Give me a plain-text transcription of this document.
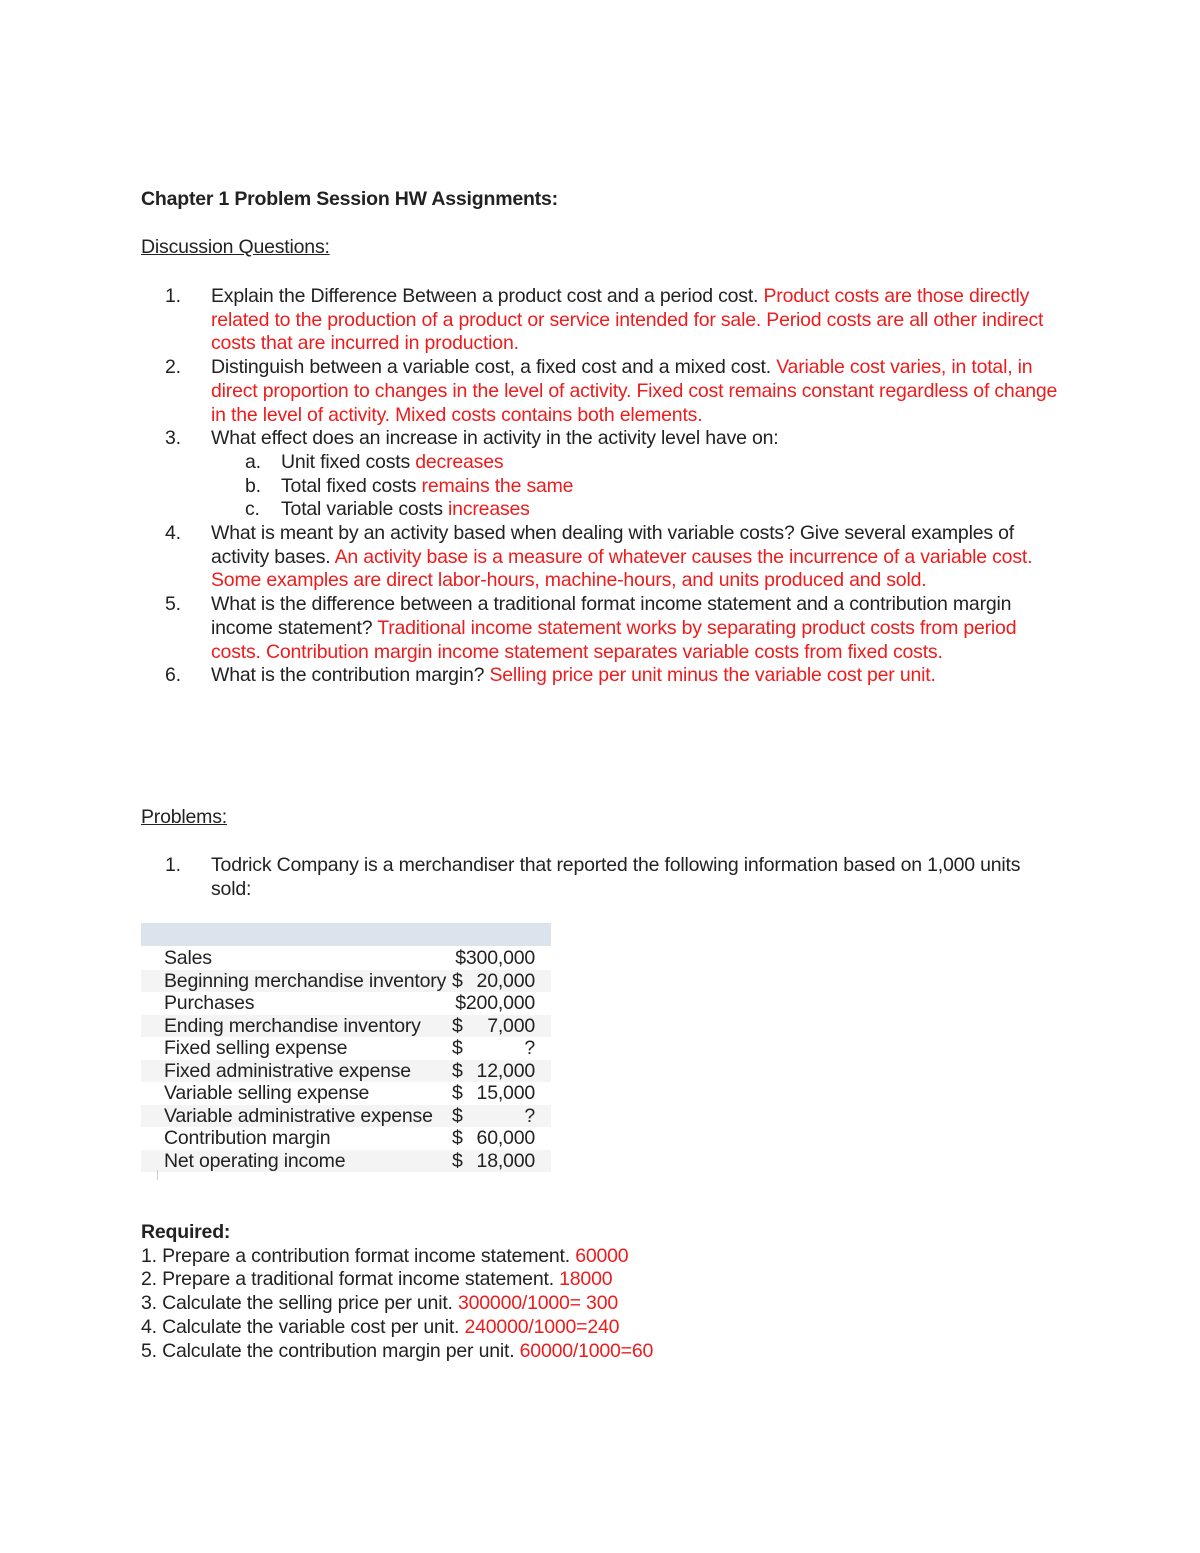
Chapter 1 Problem Session HW Assignments:
Discussion Questions:
1.	Explain the Difference Between a product cost and a period cost. Product costs are those directly related to the production of a product or service intended for sale. Period costs are all other indirect costs that are incurred in production.
2.	Distinguish between a variable cost, a fixed cost and a mixed cost. Variable cost varies, in total, in direct proportion to changes in the level of activity. Fixed cost remains constant regardless of change in the level of activity. Mixed costs contains both elements.
3.	What effect does an increase in activity in the activity level have on:
a.	Unit fixed costs decreases
b.	Total fixed costs remains the same
c.	Total variable costs increases
4.	What is meant by an activity based when dealing with variable costs? Give several examples of activity bases. An activity base is a measure of whatever causes the incurrence of a variable cost. Some examples are direct labor-hours, machine-hours, and units produced and sold.
5.	What is the difference between a traditional format income statement and a contribution margin income statement? Traditional income statement works by separating product costs from period costs. Contribution margin income statement separates variable costs from fixed costs.
6.	What is the contribution margin? Selling price per unit minus the variable cost per unit.
Problems:
1.	Todrick Company is a merchandiser that reported the following information based on 1,000 units sold:
Sales	$300,000
Beginning merchandise inventory $ 20,000
Purchases	$200,000
Ending merchandise inventory $ 7,000
Fixed selling expense	$	?
Fixed administrative expense $ 12,000
Variable selling expense	$ 15,000
Variable administrative expense $	?
Contribution margin	$ 60,000
Net operating income	$ 18,000
Required:
1. Prepare a contribution format income statement. 60000
2. Prepare a traditional format income statement. 18000
3. Calculate the selling price per unit. 300000/1000= 300
4. Calculate the variable cost per unit. 240000/1000=240
5. Calculate the contribution margin per unit. 60000/1000=60
